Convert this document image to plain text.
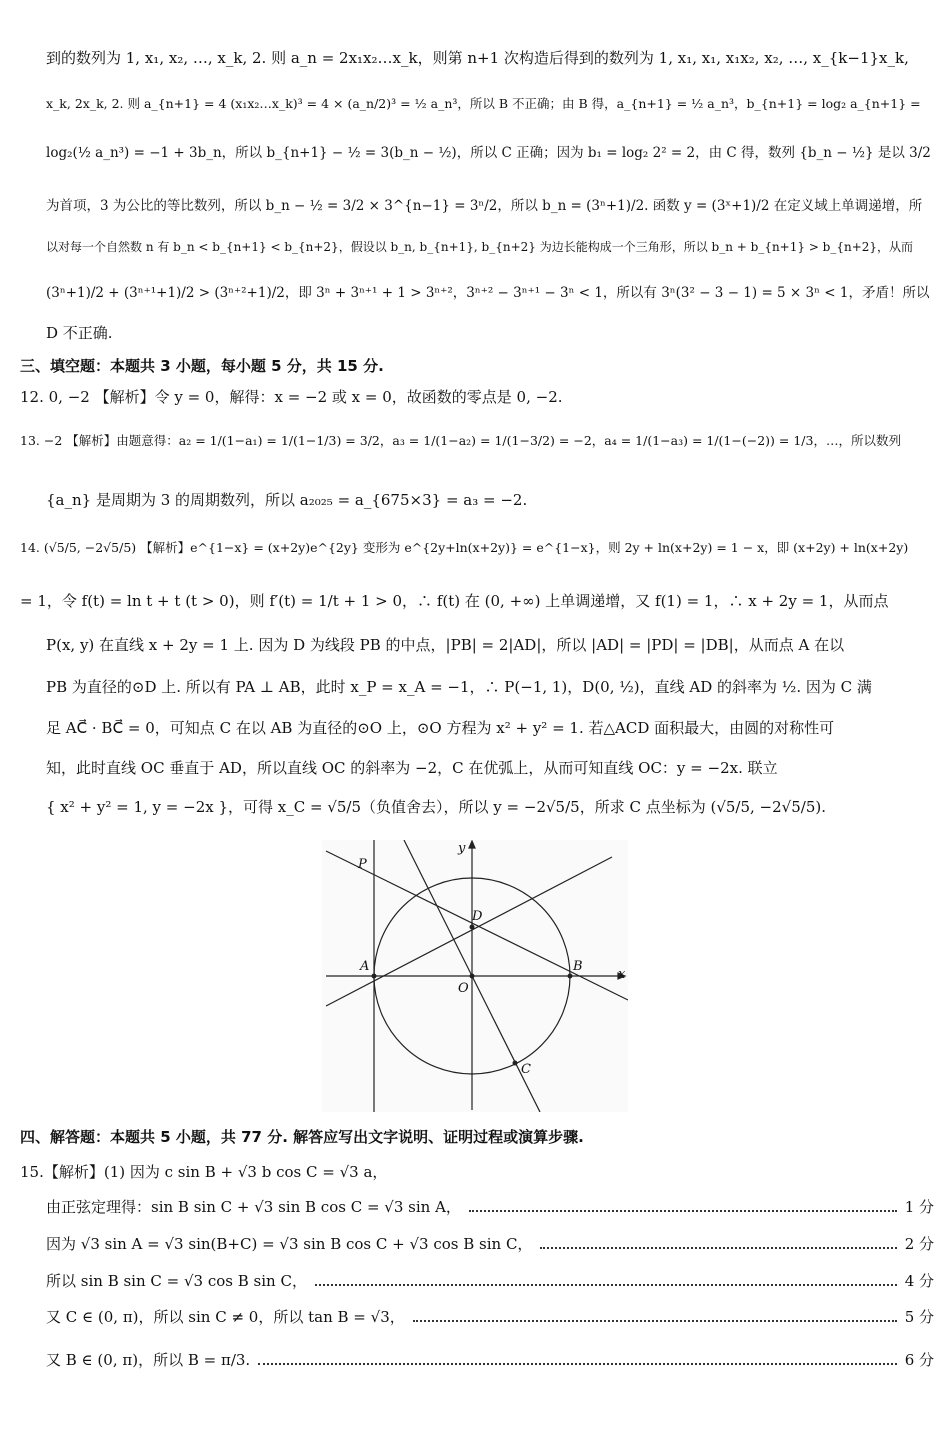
到的数列为 1, x₁, x₂, …, x_k, 2. 则 a_n = 2x₁x₂…x_k，则第 n+1 次构造后得到的数列为 1, x₁, x₁, x₁x₂, x₂, …, x_{k−1}x_k,
x_k, 2x_k, 2. 则 a_{n+1} = 4 (x₁x₂…x_k)³ = 4 × (a_n/2)³ = ½ a_n³，所以 B 不正确；由 B 得，a_{n+1} = ½ a_n³，b_{n+1} = log₂ a_{n+1} =
log₂(½ a_n³) = −1 + 3b_n，所以 b_{n+1} − ½ = 3(b_n − ½)，所以 C 正确；因为 b₁ = log₂ 2² = 2，由 C 得，数列 {b_n − ½} 是以 3/2
为首项，3 为公比的等比数列，所以 b_n − ½ = 3/2 × 3^{n−1} = 3ⁿ/2，所以 b_n = (3ⁿ+1)/2. 函数 y = (3ˣ+1)/2 在定义域上单调递增，所
以对每一个自然数 n 有 b_n < b_{n+1} < b_{n+2}，假设以 b_n, b_{n+1}, b_{n+2} 为边长能构成一个三角形，所以 b_n + b_{n+1} > b_{n+2}，从而
(3ⁿ+1)/2 + (3ⁿ⁺¹+1)/2 > (3ⁿ⁺²+1)/2，即 3ⁿ + 3ⁿ⁺¹ + 1 > 3ⁿ⁺²，3ⁿ⁺² − 3ⁿ⁺¹ − 3ⁿ < 1，所以有 3ⁿ(3² − 3 − 1) = 5 × 3ⁿ < 1，矛盾！所以
D 不正确.
三、填空题：本题共 3 小题，每小题 5 分，共 15 分.
12. 0, −2 【解析】令 y = 0，解得：x = −2 或 x = 0，故函数的零点是 0, −2.
13. −2 【解析】由题意得：a₂ = 1/(1−a₁) = 1/(1−1/3) = 3/2，a₃ = 1/(1−a₂) = 1/(1−3/2) = −2，a₄ = 1/(1−a₃) = 1/(1−(−2)) = 1/3，…，所以数列
{a_n} 是周期为 3 的周期数列，所以 a₂₀₂₅ = a_{675×3} = a₃ = −2.
14. (√5/5, −2√5/5) 【解析】e^{1−x} = (x+2y)e^{2y} 变形为 e^{2y+ln(x+2y)} = e^{1−x}，则 2y + ln(x+2y) = 1 − x，即 (x+2y) + ln(x+2y)
= 1，令 f(t) = ln t + t (t > 0)，则 f′(t) = 1/t + 1 > 0，∴ f(t) 在 (0, +∞) 上单调递增，又 f(1) = 1，∴ x + 2y = 1，从而点
P(x, y) 在直线 x + 2y = 1 上. 因为 D 为线段 PB 的中点，|PB| = 2|AD|，所以 |AD| = |PD| = |DB|，从而点 A 在以
PB 为直径的⊙D 上. 所以有 PA ⊥ AB，此时 x_P = x_A = −1，∴ P(−1, 1)，D(0, ½)，直线 AD 的斜率为 ½. 因为 C 满
足 AC⃗ · BC⃗ = 0，可知点 C 在以 AB 为直径的⊙O 上，⊙O 方程为 x² + y² = 1. 若△ACD 面积最大，由圆的对称性可
知，此时直线 OC 垂直于 AD，所以直线 OC 的斜率为 −2，C 在优弧上，从而可知直线 OC：y = −2x. 联立
{ x² + y² = 1, y = −2x }，可得 x_C = √5/5（负值舍去），所以 y = −2√5/5，所求 C 点坐标为 (√5/5, −2√5/5).
P
y
D
A	B
x
O
C
四、解答题：本题共 5 小题，共 77 分. 解答应写出文字说明、证明过程或演算步骤.
15.【解析】(1) 因为 c sin B + √3 b cos C = √3 a，
由正弦定理得：sin B sin C + √3 sin B cos C = √3 sin A，	1 分
因为 √3 sin A = √3 sin(B+C) = √3 sin B cos C + √3 cos B sin C，	2 分
所以 sin B sin C = √3 cos B sin C，	4 分
又 C ∈ (0, π)，所以 sin C ≠ 0，所以 tan B = √3，	5 分
又 B ∈ (0, π)，所以 B = π/3.	6 分
